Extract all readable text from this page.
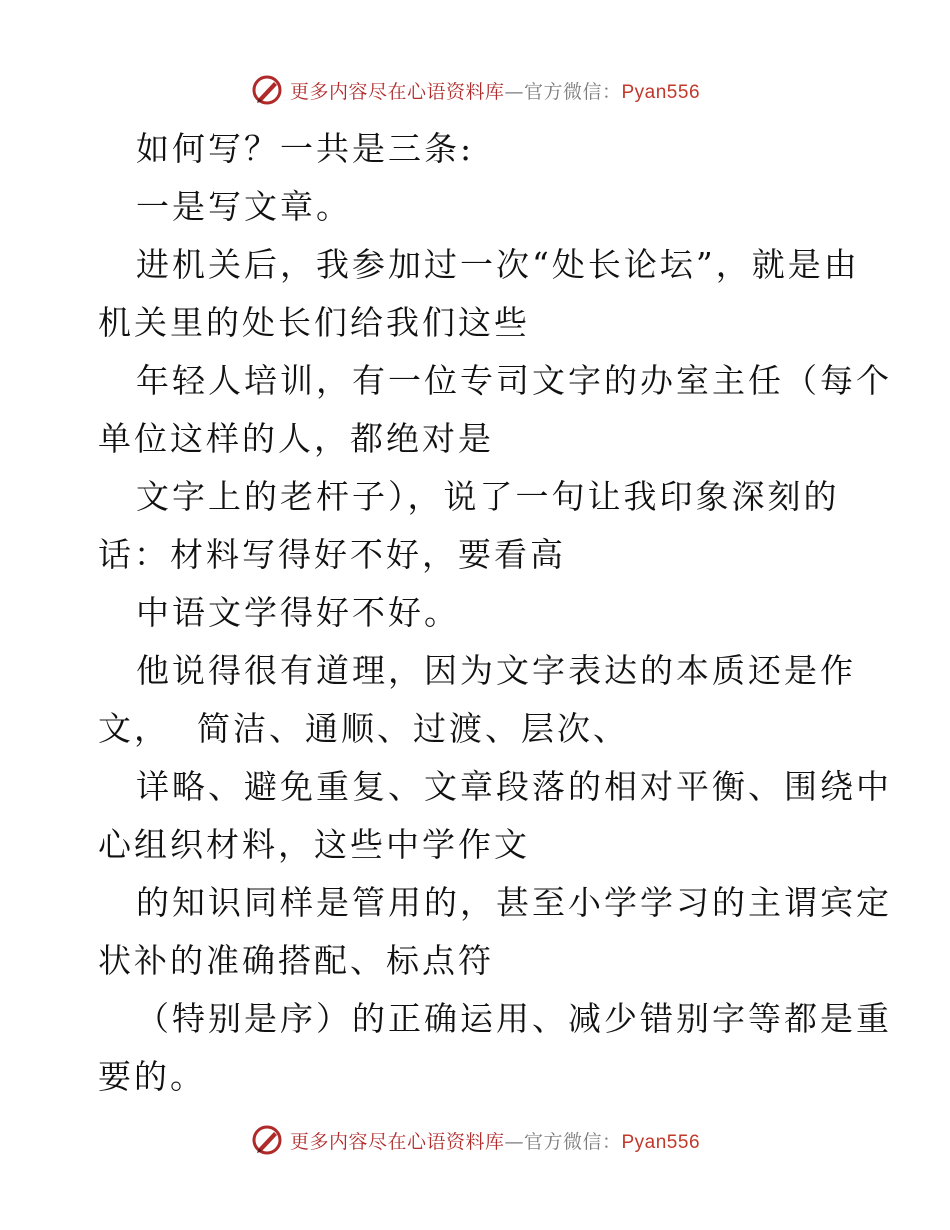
更多内容尽在心语资料库—官方微信：Pyan556
如何写？一共是三条:
一是写文章。
进机关后，我参加过一次“处长论坛”，就是由
机关里的处长们给我们这些
年轻人培训，有一位专司文字的办室主任（每个
单位这样的人，都绝对是
文字上的老杆子），说了一句让我印象深刻的
话：材料写得好不好，要看高
中语文学得好不好。
他说得很有道理，因为文字表达的本质还是作
文，  简洁、通顺、过渡、层次、
详略、避免重复、文章段落的相对平衡、围绕中
心组织材料，这些中学作文
的知识同样是管用的，甚至小学学习的主谓宾定
状补的准确搭配、标点符
（特别是序）的正确运用、减少错别字等都是重
要的。
更多内容尽在心语资料库—官方微信：Pyan556
